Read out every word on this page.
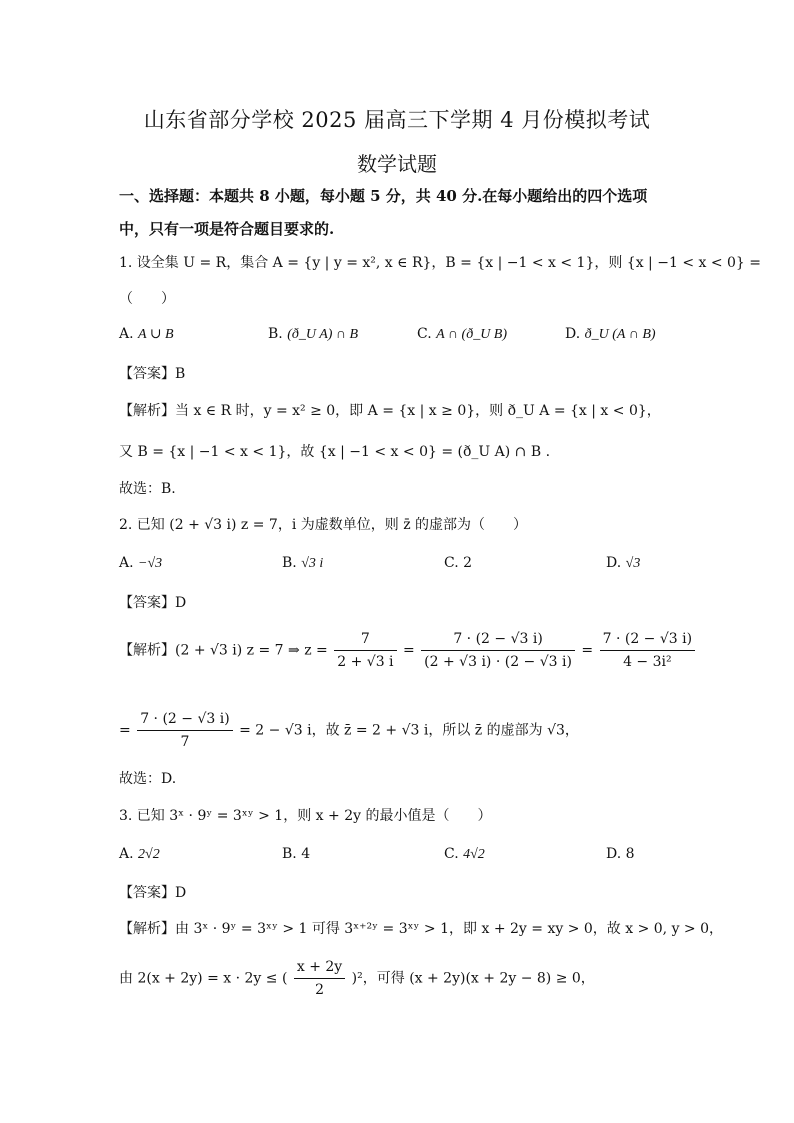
山东省部分学校 2025 届高三下学期 4 月份模拟考试
数学试题
一、选择题：本题共 8 小题，每小题 5 分，共 40 分.在每小题给出的四个选项
中，只有一项是符合题目要求的.
1. 设全集 U = R，集合 A = {y | y = x², x ∈ R}，B = {x | −1 < x < 1}，则 {x | −1 < x < 0} =
（　　）
A. A ∪ B	B. (ð_U A) ∩ B	C. A ∩ (ð_U B)	D. ð_U (A ∩ B)
【答案】B
【解析】当 x ∈ R 时，y = x² ≥ 0，即 A = {x | x ≥ 0}，则 ð_U A = {x | x < 0}，
又 B = {x | −1 < x < 1}，故 {x | −1 < x < 0} = (ð_U A) ∩ B .
故选：B.
2. 已知 (2 + √3 i) z = 7，i 为虚数单位，则 z̄ 的虚部为（　　）
A. −√3	B. √3 i	C. 2	D. √3
【答案】D
【解析】(2 + √3 i) z = 7 ⇒ $z = \frac{7}{2 + √3 i} = \frac{7 \cdot (2 - √3 i)}{(2 + √3 i) \cdot (2 - √3 i)} = \frac{7 \cdot (2 - √3 i)}{\text{4 − 3i²}}$
= $\frac{7 \cdot (2 - √3 i)}{7} = 2 - √3$ i，故 z̄ = 2 + √3 i，所以 z̄ 的虚部为 √3，
故选：D.
3. 已知 3ˣ · 9ʸ = 3ˣʸ > 1，则 x + 2y 的最小值是（　　）
A. 2√2	B. 4	C. 4√2	D. 8
【答案】D
【解析】由 3ˣ · 9ʸ = 3ˣʸ > 1 可得 3ˣ⁺²ʸ = 3ˣʸ > 1，即 x + 2y = xy > 0，故 x > 0, y > 0，
由 2(x + 2y) = x · 2y ≤ ( $\frac{x + 2y}{2} )^2$，可得 (x + 2y)(x + 2y − 8) ≥ 0，
